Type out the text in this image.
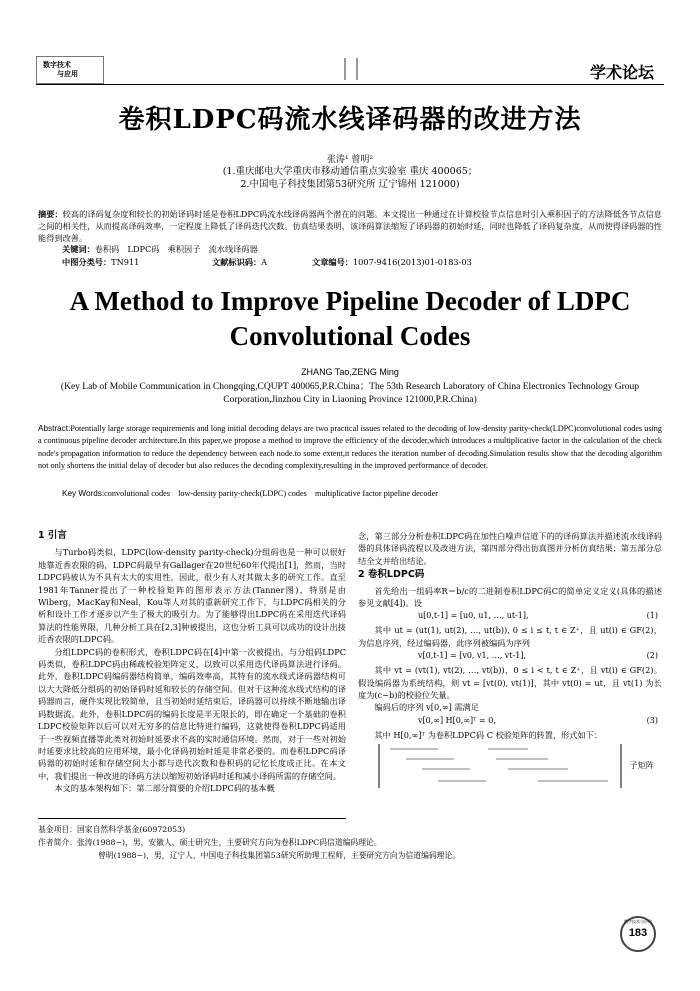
数字技术
与应用	学术论坛
卷积LDPC码流水线译码器的改进方法
张涛¹ 曾明²
(1.重庆邮电大学重庆市移动通信重点实验室 重庆 400065；
2.中国电子科技集团第53研究所 辽宁锦州 121000)
摘要：较高的译码复杂度和较长的初始译码时延是卷积LDPC码流水线译码器两个潜在的问题。本文提出一种通过在计算校验节点信息时引入乘积因子的方法降低各节点信息之间的相关性，从而提高译码效率，一定程度上降低了译码迭代次数。仿真结果表明，该译码算法缩短了译码器的初始时延，同时也降低了译码复杂度，从而使得译码器的性能得到改善。
关键词：卷积码　LDPC码　乘积因子　流水线译码器
中图分类号： TN911	文献标识码： A	文章编号： 1007-9416(2013)01-0183-03
A Method to Improve Pipeline Decoder of LDPC Convolutional Codes
ZHANG Tao,ZENG Ming
(Key Lab of Mobile Communication in Chongqing,CQUPT 400065,P.R.China；The 53th Research Laboratory of China Electronics Technology Group Corporation,Jinzhou City in Liaoning Province 121000,P.R.China)
Abstract:Potentially large storage requirements and long initial decoding delays are two practical issues related to the decoding of low-density parity-check(LDPC)convolutional codes using a continuous pipeline decoder architecture.In this paper,we propose a method to improve the efficiency of the decoder,which introduces a multiplicative factor in the calculation of the check node's propagation information to reduce the dependency between each node.to some extent,it reduces the iteration number of decoding.Simulation results show that the decoding algorithm not only shortens the initial delay of decoder but also reduces the decoding complexity,resulting in the improved performance of decoder.
Key Words:convolutional codes　low-density parity-check(LDPC) codes　multiplicative factor pipeline decoder
1 引言

与Turbo码类似，LDPC(low-density parity-check)分组码也是一种可以很好地靠近香农限的码，LDPC码最早有Gallager在20世纪60年代提出[1]，然而，当时LDPC码被认为不具有太大的实用性，因此，很少有人对其做太多的研究工作。直至1981年Tanner提出了一种校验矩阵的图形表示方法(Tanner图)，特别是由Wiberg，MacKay和Neal，Kou等人对其的重新研究工作下，与LDPC码相关的分析和设计工作才逐步以产生了极大的吸引力。为了能够得出LDPC码在采用迭代译码算法的性能界限，几种分析工具在[2,3]种被提出，这也分析工具可以成功的设计出接近香农限的LDPC码。

分组LDPC码的卷积形式，卷积LDPC码在[4]中第一次被提出。与分组码LDPC码类似，卷积LDPC码由稀疏校验矩阵定义，以致可以采用迭代译码算法进行译码。此外，卷积LDPC码编码器结构简单，编码效率高，其特有的流水线式译码器结构可以大大降低分组码的初始译码时延和较长的存储空间。但对于这种流水线式结构的译码器而言，硬件实现比较简单，且当初始时延结束后，译码器可以持续不断地输出译码数据流。此外，卷积LDPC码的编码长度是半无限长的，即在确定一个基础的卷积LDPC校验矩阵以后可以对无穷多的信息比特进行编码，这就使得卷积LDPC码适用于一些视频直播等此类对初始时延要求不高的实时通信环境。然而，对于一些对初始时延要求比较高的应用环境，最小化译码初始时延是非常必要的。而卷积LDPC码译码器的初始时延和存储空间大小都与迭代次数和卷积码的记忆长度成正比。在本文中，我们提出一种改进的译码方法以缩短初始译码时延和减小译码所需的存储空间。

本文的基本架构如下：第二部分简要的介绍LDPC码的基本概

念，第三部分分析卷积LDPC码在加性白噪声信道下的的译码算法并描述流水线译码器的具体译码流程以及改进方法，第四部分得出仿真图并分析仿真结果；第五部分总结全文并给出结论。

2 卷积LDPC码

首先给出一组码率R＝b/c的二进制卷积LDPC码C的简单定义定义(具体的描述参见文献[4])。设

u[0,t-1] = [u0, u1, …, ut-1],	(1)

其中 ut = (ut(1), ut(2), …, ut(b)), 0 ≤ i ≤ t, t ∈ Z⁺，且 ut(i) ∈ GF(2)，为信息序列，经过编码器，此序列被编码为序列

v[0,t-1] = [v0, v1, …, vt-1],	(2)

其中 vt = (vt(1), vt(2), …, vt(b))，0 ≤ i < t, t ∈ Z⁺，且 vt(i) ∈ GF(2)。假设编码器为系统结构，则 vt = [vt(0), vt(1)]，其中 vt(0) = ut，且 vt(1) 为长度为(c−b)的校验位矢量。

编码后的序列 v[0,∞] 需满足

v[0,∞] H[0,∞]ᵀ = 0,	(3)

其中 H[0,∞]ᵀ 为卷积LDPC码 C 校验矩阵的转置，形式如下：

子矩阵
基金项目：国家自然科学基金(60972053)
作者简介：张涛(1988−)，男，安徽人，硕士研究生，主要研究方向为卷积LDPC码信道编码理论。
曾明(1988−)，男，辽宁人，中国电子科技集团第53研究所助理工程师，主要研究方向为信道编码理论。
数字技术与应用
183
